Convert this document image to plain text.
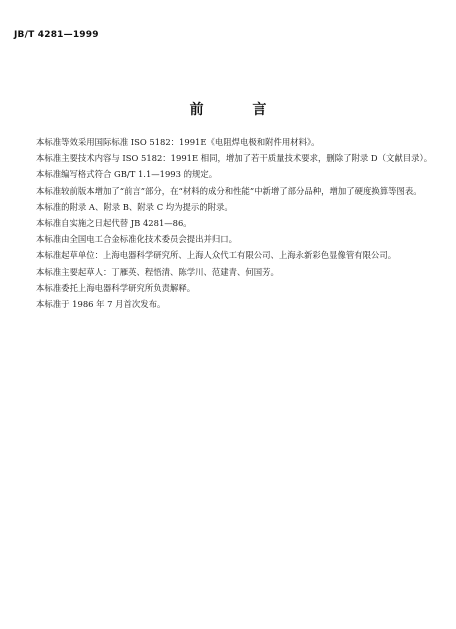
JB/T 4281—1999
前 言

本标准等效采用国际标准 ISO 5182：1991E《电阻焊电极和附件用材料》。

本标准主要技术内容与 ISO 5182：1991E 相同，增加了若干质量技术要求，删除了附录 D（文献目录）。

本标准编写格式符合 GB/T 1.1—1993 的规定。

本标准较前版本增加了“前言”部分，在“材料的成分和性能”中新增了部分品种，增加了硬度换算等图表。

本标准的附录 A、附录 B、附录 C 均为提示的附录。

本标准自实施之日起代替 JB 4281—86。

本标准由全国电工合金标准化技术委员会提出并归口。

本标准起草单位：上海电器科学研究所、上海人众代工有限公司、上海永新彩色显像管有限公司。

本标准主要起草人：丁雁英、程悟清、陈学川、范建青、何国芳。

本标准委托上海电器科学研究所负责解释。

本标准于 1986 年 7 月首次发布。
